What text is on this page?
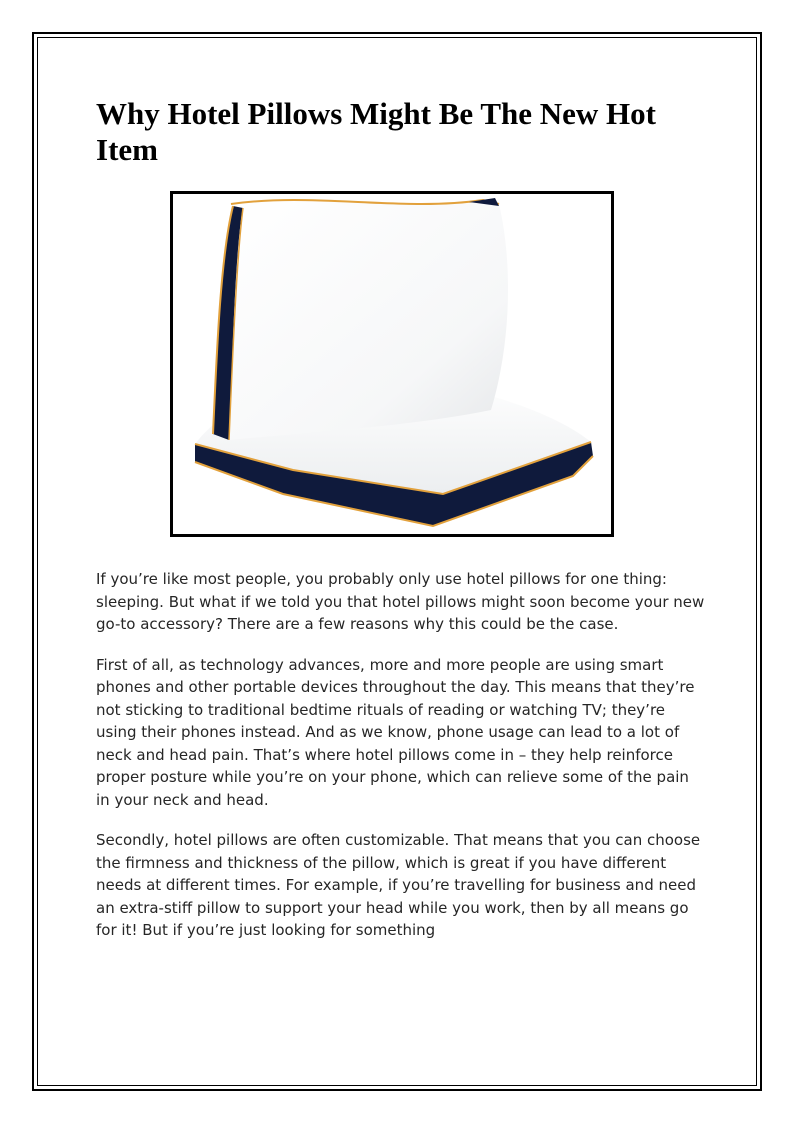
Why Hotel Pillows Might Be The New Hot Item

If you’re like most people, you probably only use hotel pillows for one thing: sleeping. But what if we told you that hotel pillows might soon become your new go-to accessory? There are a few reasons why this could be the case.

First of all, as technology advances, more and more people are using smart phones and other portable devices throughout the day. This means that they’re not sticking to traditional bedtime rituals of reading or watching TV; they’re using their phones instead. And as we know, phone usage can lead to a lot of neck and head pain. That’s where hotel pillows come in – they help reinforce proper posture while you’re on your phone, which can relieve some of the pain in your neck and head.

Secondly, hotel pillows are often customizable. That means that you can choose the firmness and thickness of the pillow, which is great if you have different needs at different times. For example, if you’re travelling for business and need an extra-stiff pillow to support your head while you work, then by all means go for it! But if you’re just looking for something
